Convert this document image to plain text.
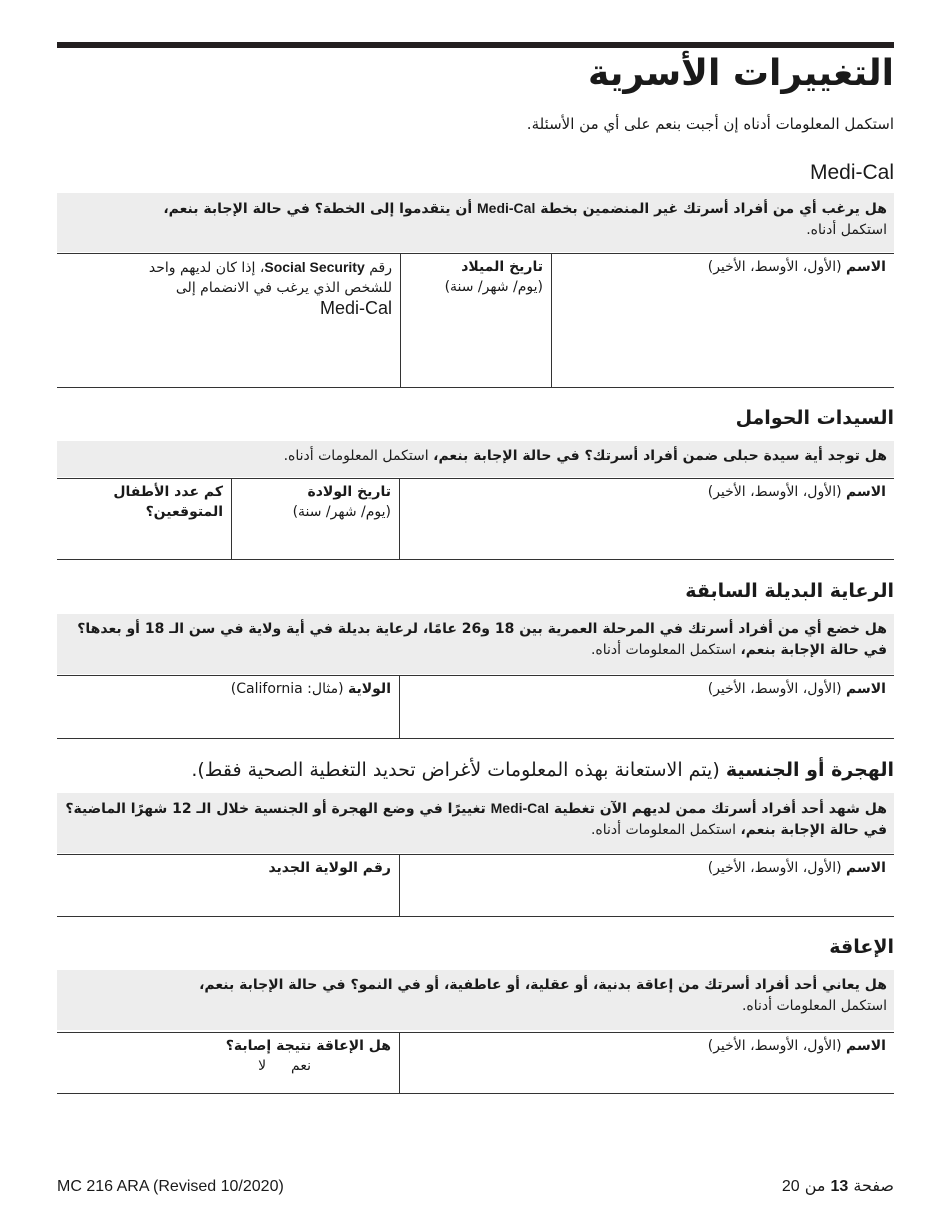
التغييرات الأسرية

استكمل المعلومات أدناه إن أجبت بنعم على أي من الأسئلة.

Medi-Cal
هل يرغب أي من أفراد أسرتك غير المنضمين بخطة Medi-Cal أن يتقدموا إلى الخطة؟ في حالة الإجابة بنعم،
استكمل أدناه.
الاسم (الأول، الأوسط، الأخير)
تاريخ الميلاد
(يوم/ شهر/ سنة)
رقم Social Security، إذا كان لديهم واحد للشخص الذي يرغب في الانضمام إلى
Medi-Cal
السيدات الحوامل
هل توجد أية سيدة حبلى ضمن أفراد أسرتك؟ في حالة الإجابة بنعم، استكمل المعلومات أدناه.
الاسم (الأول، الأوسط، الأخير)
تاريخ الولادة
(يوم/ شهر/ سنة)
كم عدد الأطفال المتوقعين؟
الرعاية البديلة السابقة
هل خضع أي من أفراد أسرتك في المرحلة العمرية بين 18 و26 عامًا، لرعاية بديلة في أية ولاية في سن الـ 18 أو بعدها؟ في حالة الإجابة بنعم، استكمل المعلومات أدناه.
الاسم (الأول، الأوسط، الأخير)
الولاية (مثال: California)
الهجرة أو الجنسية (يتم الاستعانة بهذه المعلومات لأغراض تحديد التغطية الصحية فقط).
هل شهد أحد أفراد أسرتك ممن لديهم الآن تغطية Medi-Cal تغييرًا في وضع الهجرة أو الجنسية خلال الـ 12 شهرًا الماضية؟ في حالة الإجابة بنعم، استكمل المعلومات أدناه.
الاسم (الأول، الأوسط، الأخير)
رقم الولاية الجديد
الإعاقة
هل يعاني أحد أفراد أسرتك من إعاقة بدنية، أو عقلية، أو عاطفية، أو في النمو؟ في حالة الإجابة بنعم،
استكمل المعلومات أدناه.
الاسم (الأول، الأوسط، الأخير)
هل الإعاقة نتيجة إصابة؟
نعم  لا
MC 216 ARA (Revised 10/2020)	صفحة 13 من 20
